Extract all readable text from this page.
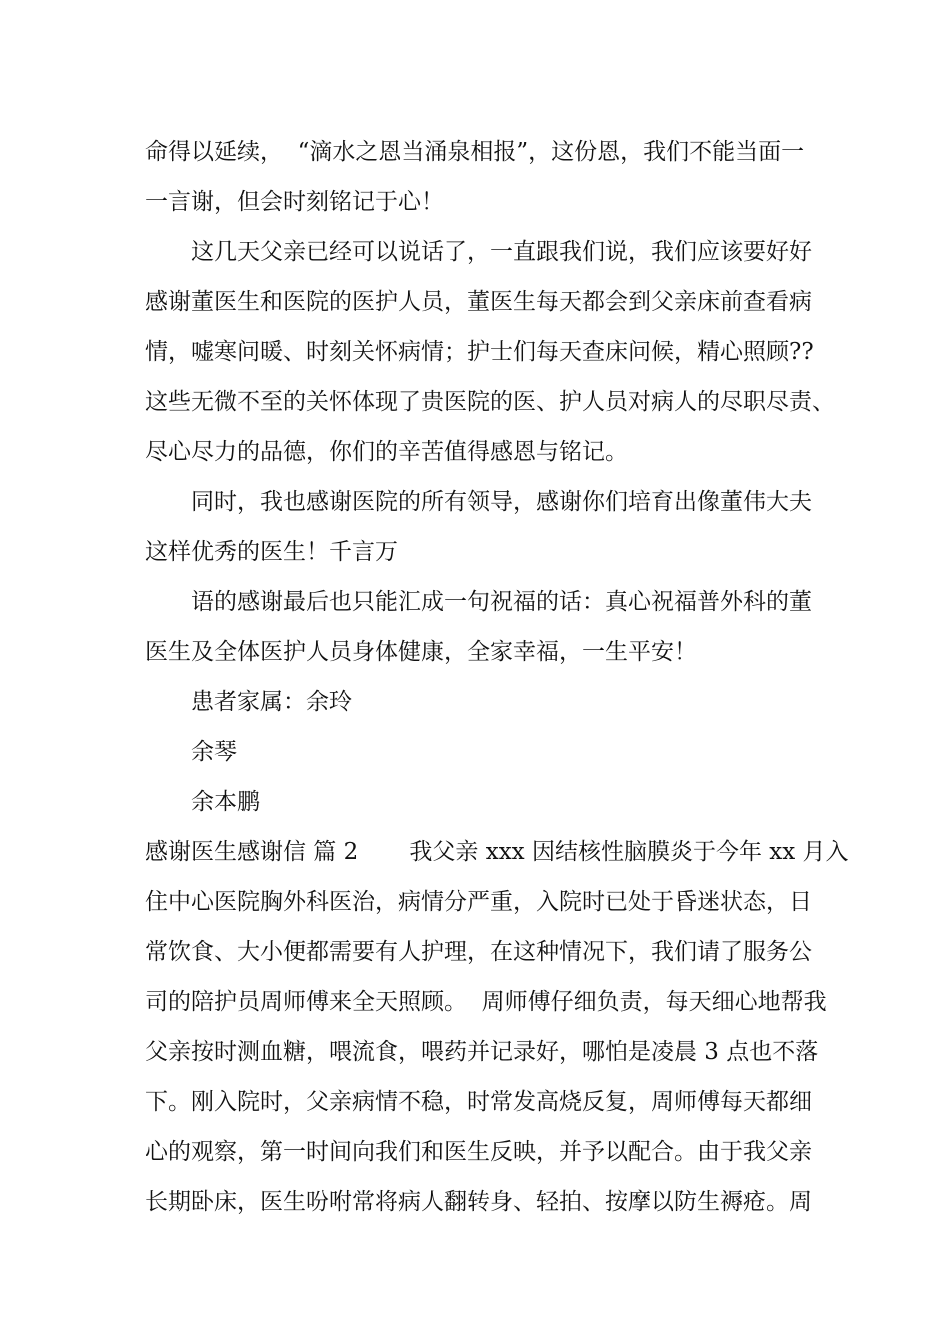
命得以延续，  “滴水之恩当涌泉相报”，这份恩，我们不能当面一
一言谢，但会时刻铭记于心！
这几天父亲已经可以说话了，一直跟我们说，我们应该要好好
感谢董医生和医院的医护人员，董医生每天都会到父亲床前查看病
情，嘘寒问暖、时刻关怀病情；护士们每天查床问候，精心照顾??
这些无微不至的关怀体现了贵医院的医、护人员对病人的尽职尽责、
尽心尽力的品德，你们的辛苦值得感恩与铭记。
同时，我也感谢医院的所有领导，感谢你们培育出像董伟大夫
这样优秀的医生！千言万
语的感谢最后也只能汇成一句祝福的话：真心祝福普外科的董
医生及全体医护人员身体健康，全家幸福，一生平安！
患者家属：余玲
余琴
余本鹏
感谢医生感谢信 篇 2       我父亲 xxx 因结核性脑膜炎于今年 xx 月入
住中心医院胸外科医治，病情分严重，入院时已处于昏迷状态，日
常饮食、大小便都需要有人护理，在这种情况下，我们请了服务公
司的陪护员周师傅来全天照顾。  周师傅仔细负责，每天细心地帮我
父亲按时测血糖，喂流食，喂药并记录好，哪怕是凌晨 3 点也不落
下。刚入院时，父亲病情不稳，时常发高烧反复，周师傅每天都细
心的观察，第一时间向我们和医生反映，并予以配合。由于我父亲
长期卧床，医生吩咐常将病人翻转身、轻拍、按摩以防生褥疮。周
